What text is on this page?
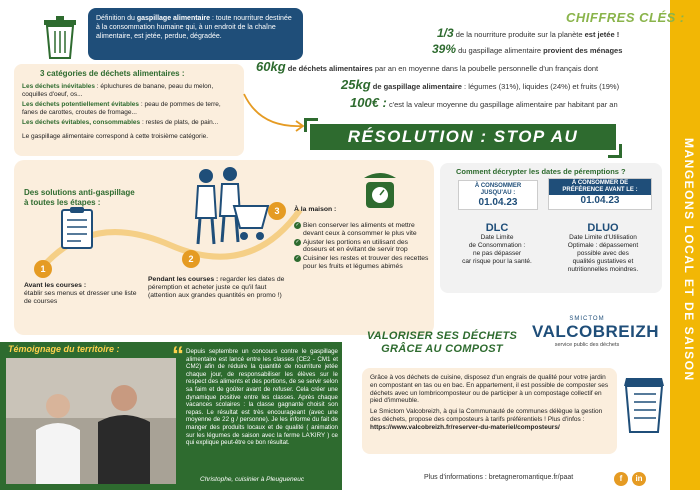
MANGEONS LOCAL ET DE SAISON
Définition du gaspillage alimentaire : toute nourriture destinée à la consommation humaine qui, à un endroit de la chaîne alimentaire, est jetée, perdue, dégradée.
3 catégories de déchets alimentaires :
Les déchets inévitables : épluchures de banane, peau du melon, coquilles d'oeuf, os...
Les déchets potentiellement évitables : peau de pommes de terre, fanes de carottes, croutes de fromage...
Les déchets évitables, consommables : restes de plats, de pain...
Le gaspillage alimentaire correspond à cette troisième catégorie.
CHIFFRES CLÉS :
1/3 de la nourriture produite sur la planète est jetée !
39% du gaspillage alimentaire provient des ménages
60kg de déchets alimentaires par an en moyenne dans la poubelle personnelle d'un français dont
25kg de gaspillage alimentaire : légumes (31%), liquides (24%) et fruits (19%)
100€ : c'est la valeur moyenne du gaspillage alimentaire par habitant par an
RÉSOLUTION : STOP AU
Des solutions anti-gaspillage
à toutes les étapes :
1
Avant les courses :
établir ses menus et dresser une liste de courses
2
Pendant les courses : regarder les dates de péremption et acheter juste ce qu'il faut (attention aux grandes quantités en promo !)
3	À la maison :
✓ Bien conserver les aliments et mettre devant ceux à consommer le plus vite
✓ Ajuster les portions en utilisant des doseurs et en évitant de servir trop
✓ Cuisiner les restes et trouver des recettes pour les fruits et légumes abimés
Comment décrypter les dates de péremptions ?
À CONSOMMER JUSQU'AU :
01.04.23
À CONSOMMER DE PRÉFÉRENCE AVANT LE :
01.04.23
DLC
Date Limite
de Consommation :
ne pas dépasser
car risque pour la santé.
DLUO
Date Limite d'Utilisation
Optimale : dépassement
possible avec des
qualités gustatives et
nutritionnelles moindres.
VALORISER SES DÉCHETS
GRÂCE AU COMPOST
SMICTOM
VALCOBREIZH
service public des déchets
Grâce à vos déchets de cuisine, disposez d'un engrais de qualité pour votre jardin en compostant en tas ou en bac. En appartement, il est possible de composter ses déchets avec un lombricomposteur ou de participer à un compostage collectif en pied d'immeuble.
Le Smictom Valcobreizh, à qui la Communauté de communes délègue la gestion des déchets, propose des composteurs à tarifs préférentiels ! Plus d'infos :
https://www.valcobreizh.fr/reserver-du-materiel/composteurs/
Témoignage du territoire : “ Depuis septembre un concours contre le gaspillage alimentaire est lancé entre les classes (CE2 - CM1 et CM2) afin de réduire la quantité de nourriture jetée chaque jour, de responsabiliser les élèves sur le respect des aliments et des portions, de se servir selon sa faim et de goûter avant de refuser. Cela créer une dynamique positive entre les classes. Après chaque vacances scolaires : la classe gagnante choisit son repas. Le résultat est très encourageant (avec une moyenne de 22 g / personne). Je les informe du fait de manger des produits locaux et de qualité ( animation sur les légumes de saison avec la ferme LA'KIRY ) ce qui explique peut-être ce bon résultat.
Christophe, cuisinier à Pleugueneuc	Plus d'informations : bretagneromantique.fr/paat	f	in
